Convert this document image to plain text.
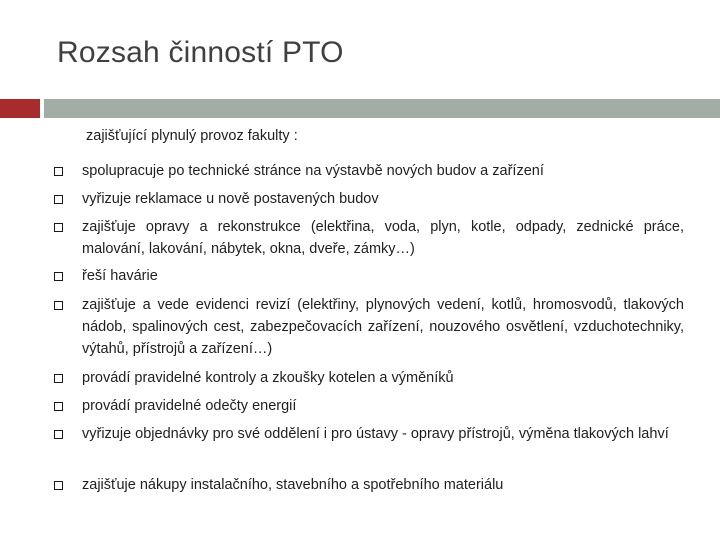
Rozsah činností PTO
zajišťující plynulý provoz fakulty :
spolupracuje po technické stránce na výstavbě nových budov a zařízení
vyřizuje reklamace u nově postavených budov
zajišťuje opravy a rekonstrukce (elektřina, voda, plyn, kotle, odpady, zednické práce, malování, lakování, nábytek, okna, dveře, zámky…)
řeší havárie
zajišťuje a vede evidenci revizí (elektřiny, plynových vedení, kotlů, hromosvodů, tlakových nádob, spalinových cest, zabezpečovacích zařízení, nouzového osvětlení, vzduchotechniky, výtahů, přístrojů a zařízení…)
provádí pravidelné kontroly a zkoušky kotelen a výměníků
provádí pravidelné odečty energií
vyřizuje objednávky pro své oddělení i pro ústavy - opravy přístrojů, výměna tlakových lahví
zajišťuje nákupy instalačního, stavebního a spotřebního materiálu
